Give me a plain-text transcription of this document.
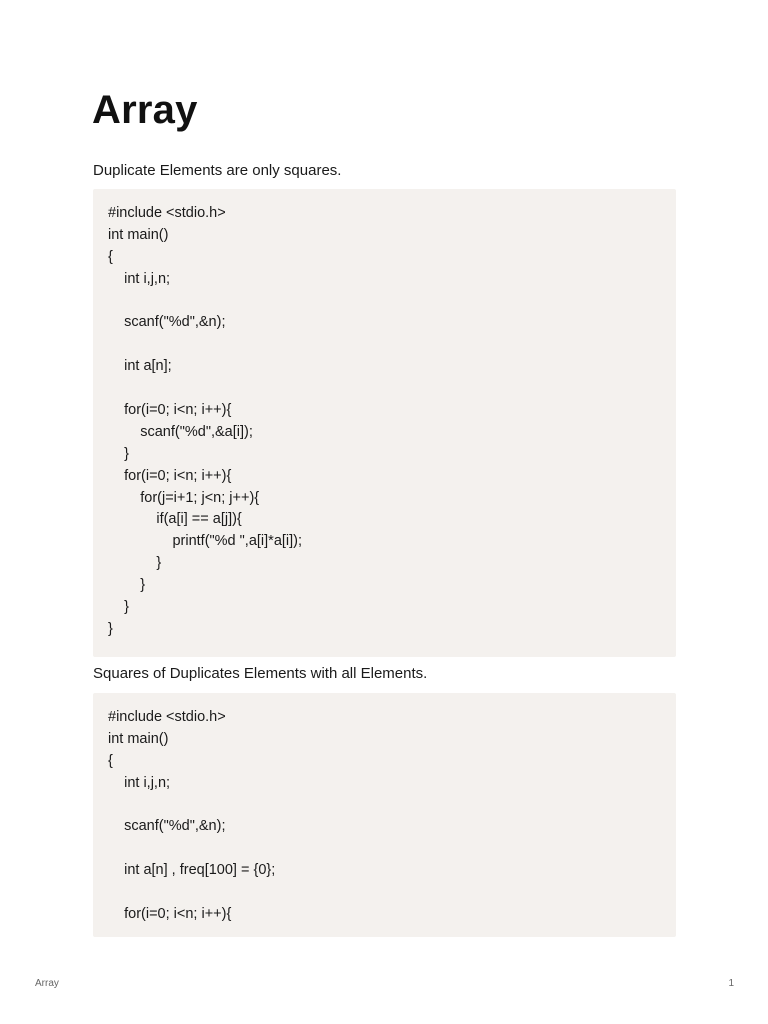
Array

Duplicate Elements are only squares.

#include <stdio.h>
int main()
{
int i,j,n;
scanf("%d",&n);
int a[n];
for(i=0; i<n; i++){
scanf("%d",&a[i]);
}
for(i=0; i<n; i++){
for(j=i+1; j<n; j++){
if(a[i] == a[j]){
printf("%d ",a[i]*a[i]);
}
}
}
}

Squares of Duplicates Elements with all Elements.

#include <stdio.h>
int main()
{
int i,j,n;
scanf("%d",&n);
int a[n] , freq[100] = {0};
for(i=0; i<n; i++){
Array	1
